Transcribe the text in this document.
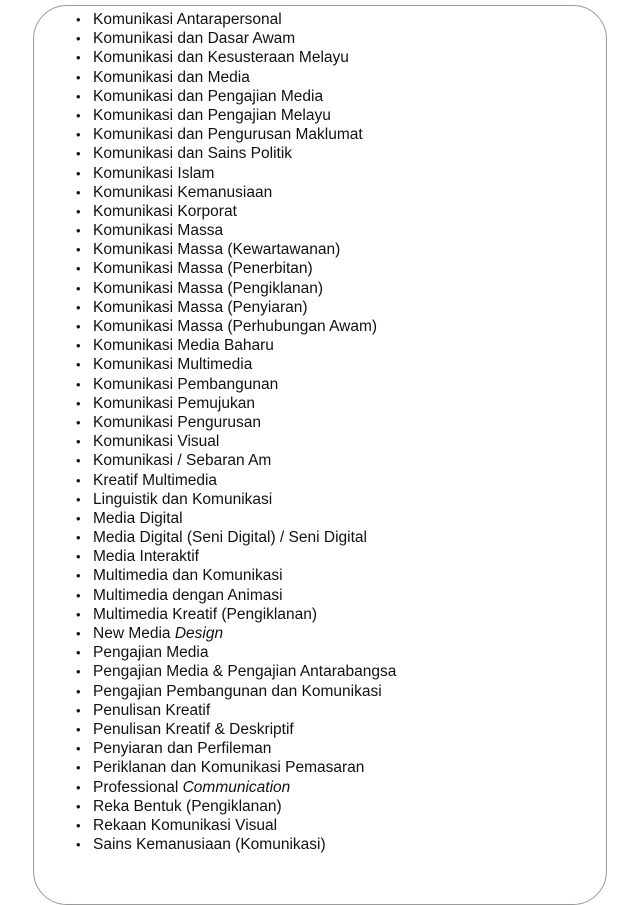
• Komunikasi Antarapersonal
• Komunikasi dan Dasar Awam
• Komunikasi dan Kesusteraan Melayu
• Komunikasi dan Media
• Komunikasi dan Pengajian Media
• Komunikasi dan Pengajian Melayu
• Komunikasi dan Pengurusan Maklumat
• Komunikasi dan Sains Politik
• Komunikasi Islam
• Komunikasi Kemanusiaan
• Komunikasi Korporat
• Komunikasi Massa
• Komunikasi Massa (Kewartawanan)
• Komunikasi Massa (Penerbitan)
• Komunikasi Massa (Pengiklanan)
• Komunikasi Massa (Penyiaran)
• Komunikasi Massa (Perhubungan Awam)
• Komunikasi Media Baharu
• Komunikasi Multimedia
• Komunikasi Pembangunan
• Komunikasi Pemujukan
• Komunikasi Pengurusan
• Komunikasi Visual
• Komunikasi / Sebaran Am
• Kreatif Multimedia
• Linguistik dan Komunikasi
• Media Digital
• Media Digital (Seni Digital) / Seni Digital
• Media Interaktif
• Multimedia dan Komunikasi
• Multimedia dengan Animasi
• Multimedia Kreatif (Pengiklanan)
• New Media Design
• Pengajian Media
• Pengajian Media & Pengajian Antarabangsa
• Pengajian Pembangunan dan Komunikasi
• Penulisan Kreatif
• Penulisan Kreatif & Deskriptif
• Penyiaran dan Perfileman
• Periklanan dan Komunikasi Pemasaran
• Professional Communication
• Reka Bentuk (Pengiklanan)
• Rekaan Komunikasi Visual
• Sains Kemanusiaan (Komunikasi)
